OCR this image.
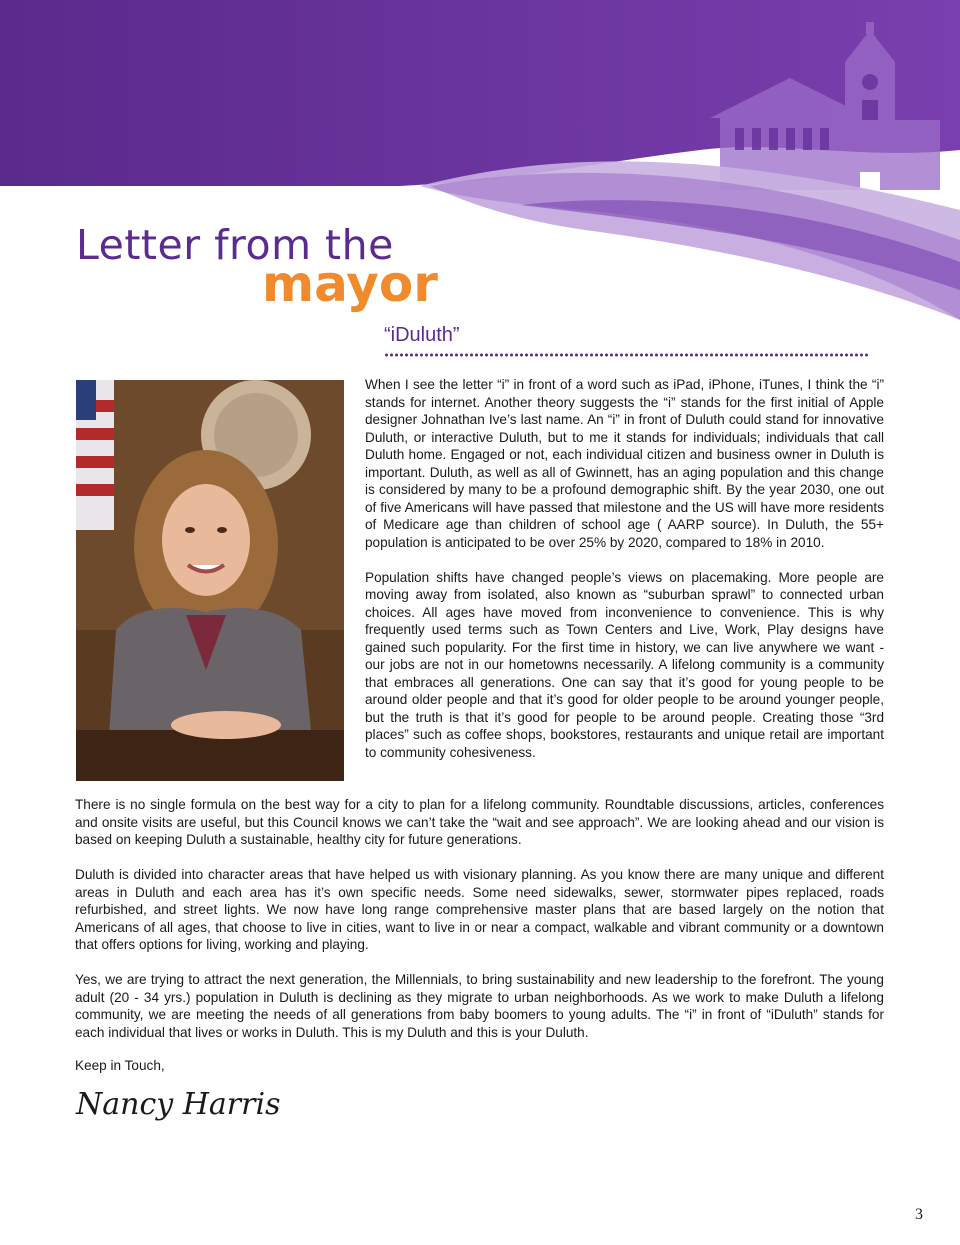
Letter from the
mayor
“iDuluth”

When I see the letter “i” in front of a word such as iPad, iPhone, iTunes, I think the “i” stands for internet. Another theory suggests the “i” stands for the first initial of Apple designer Johnathan Ive’s last name. An “i” in front of Duluth could stand for innovative Duluth, or interactive Duluth, but to me it stands for individuals; individuals that call Duluth home. Engaged or not, each individual citizen and business owner in Duluth is important. Duluth, as well as all of Gwinnett, has an aging population and this change is considered by many to be a profound demographic shift. By the year 2030, one out of five Americans will have passed that milestone and the US will have more residents of Medicare age than children of school age ( AARP source). In Duluth, the 55+ population is anticipated to be over 25% by 2020, compared to 18% in 2010.

Population shifts have changed people’s views on placemaking. More people are moving away from isolated, also known as “suburban sprawl” to connected urban choices. All ages have moved from inconvenience to convenience. This is why frequently used terms such as Town Centers and Live, Work, Play designs have gained such popularity. For the first time in history, we can live anywhere we want - our jobs are not in our hometowns necessarily. A lifelong community is a community that embraces all generations. One can say that it’s good for young people to be around older people and that it’s good for older people to be around younger people, but the truth is that it’s good for people to be around people. Creating those “3rd places” such as coffee shops, bookstores, restaurants and unique retail are important to community cohesiveness.

There is no single formula on the best way for a city to plan for a lifelong community. Roundtable discussions, articles, conferences and onsite visits are useful, but this Council knows we can’t take the “wait and see approach”. We are looking ahead and our vision is based on keeping Duluth a sustainable, healthy city for future generations.

Duluth is divided into character areas that have helped us with visionary planning. As you know there are many unique and different areas in Duluth and each area has it’s own specific needs. Some need sidewalks, sewer, stormwater pipes replaced, roads refurbished, and street lights. We now have long range comprehensive master plans that are based largely on the notion that Americans of all ages, that choose to live in cities, want to live in or near a compact, walkable and vibrant community or a downtown that offers options for living, working and playing.

Yes, we are trying to attract the next generation, the Millennials, to bring sustainability and new leadership to the forefront. The young adult (20 - 34 yrs.) population in Duluth is declining as they migrate to urban neighborhoods. As we work to make Duluth a lifelong community, we are meeting the needs of all generations from baby boomers to young adults. The “i” in front of “iDuluth” stands for each individual that lives or works in Duluth. This is my Duluth and this is your Duluth.

Keep in Touch,
Nancy Harris
3
